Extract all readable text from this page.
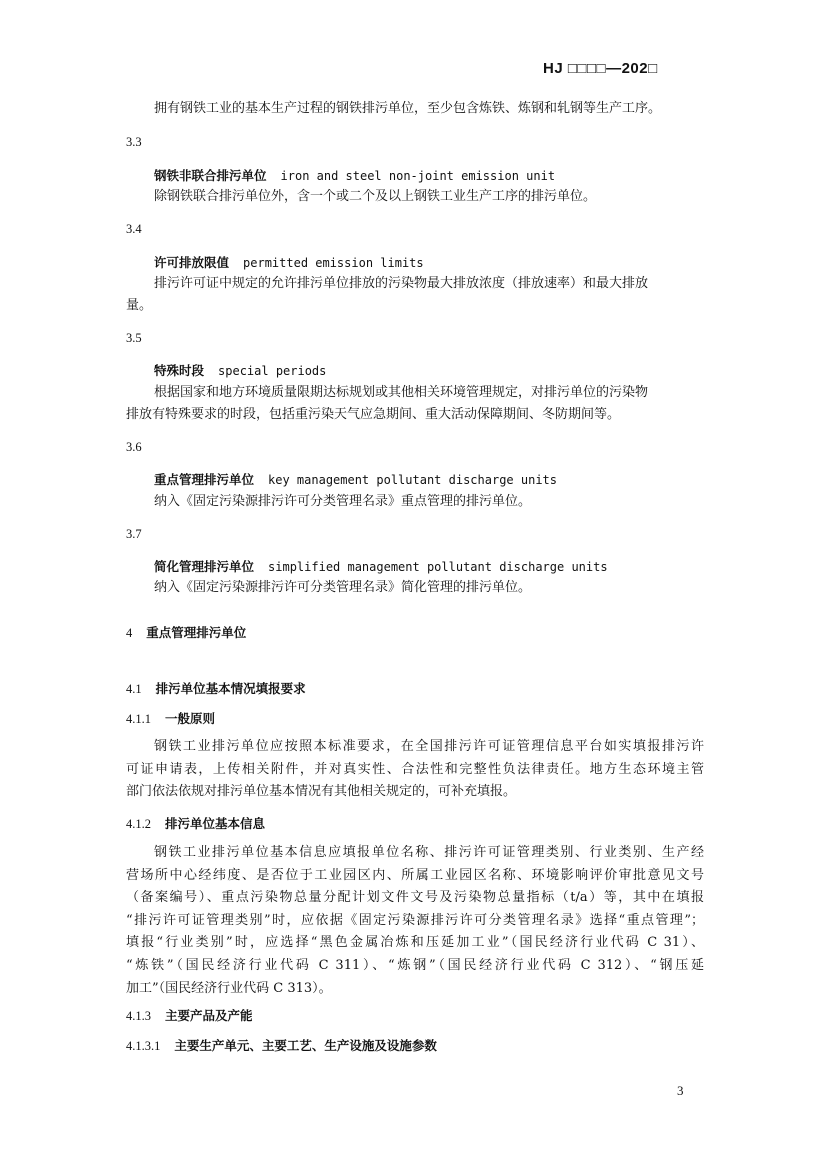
HJ □□□□—202□
拥有钢铁工业的基本生产过程的钢铁排污单位，至少包含炼铁、炼钢和轧钢等生产工序。
3.3
钢铁非联合排污单位 iron and steel non-joint emission unit
除钢铁联合排污单位外，含一个或二个及以上钢铁工业生产工序的排污单位。
3.4
许可排放限值 permitted emission limits
排污许可证中规定的允许排污单位排放的污染物最大排放浓度（排放速率）和最大排放
量。
3.5
特殊时段 special periods
根据国家和地方环境质量限期达标规划或其他相关环境管理规定，对排污单位的污染物
排放有特殊要求的时段，包括重污染天气应急期间、重大活动保障期间、冬防期间等。
3.6
重点管理排污单位 key management pollutant discharge units
纳入《固定污染源排污许可分类管理名录》重点管理的排污单位。
3.7
简化管理排污单位 simplified management pollutant discharge units
纳入《固定污染源排污许可分类管理名录》简化管理的排污单位。
4 重点管理排污单位
4.1 排污单位基本情况填报要求
4.1.1 一般原则
钢铁工业排污单位应按照本标准要求，在全国排污许可证管理信息平台如实填报排污许
可证申请表，上传相关附件，并对真实性、合法性和完整性负法律责任。地方生态环境主管
部门依法依规对排污单位基本情况有其他相关规定的，可补充填报。
4.1.2 排污单位基本信息
钢铁工业排污单位基本信息应填报单位名称、排污许可证管理类别、行业类别、生产经
营场所中心经纬度、是否位于工业园区内、所属工业园区名称、环境影响评价审批意见文号
（备案编号）、重点污染物总量分配计划文件文号及污染物总量指标（t/a）等，其中在填报
“排污许可证管理类别”时，应依据《固定污染源排污许可分类管理名录》选择“重点管理”；
填报“行业类别”时，应选择“黑色金属冶炼和压延加工业”（国民经济行业代码 C 31）、
“炼铁”（国民经济行业代码 C 311）、“炼钢”（国民经济行业代码 C 312）、“钢压延
加工”（国民经济行业代码 C 313）。
4.1.3 主要产品及产能
4.1.3.1 主要生产单元、主要工艺、生产设施及设施参数
3
